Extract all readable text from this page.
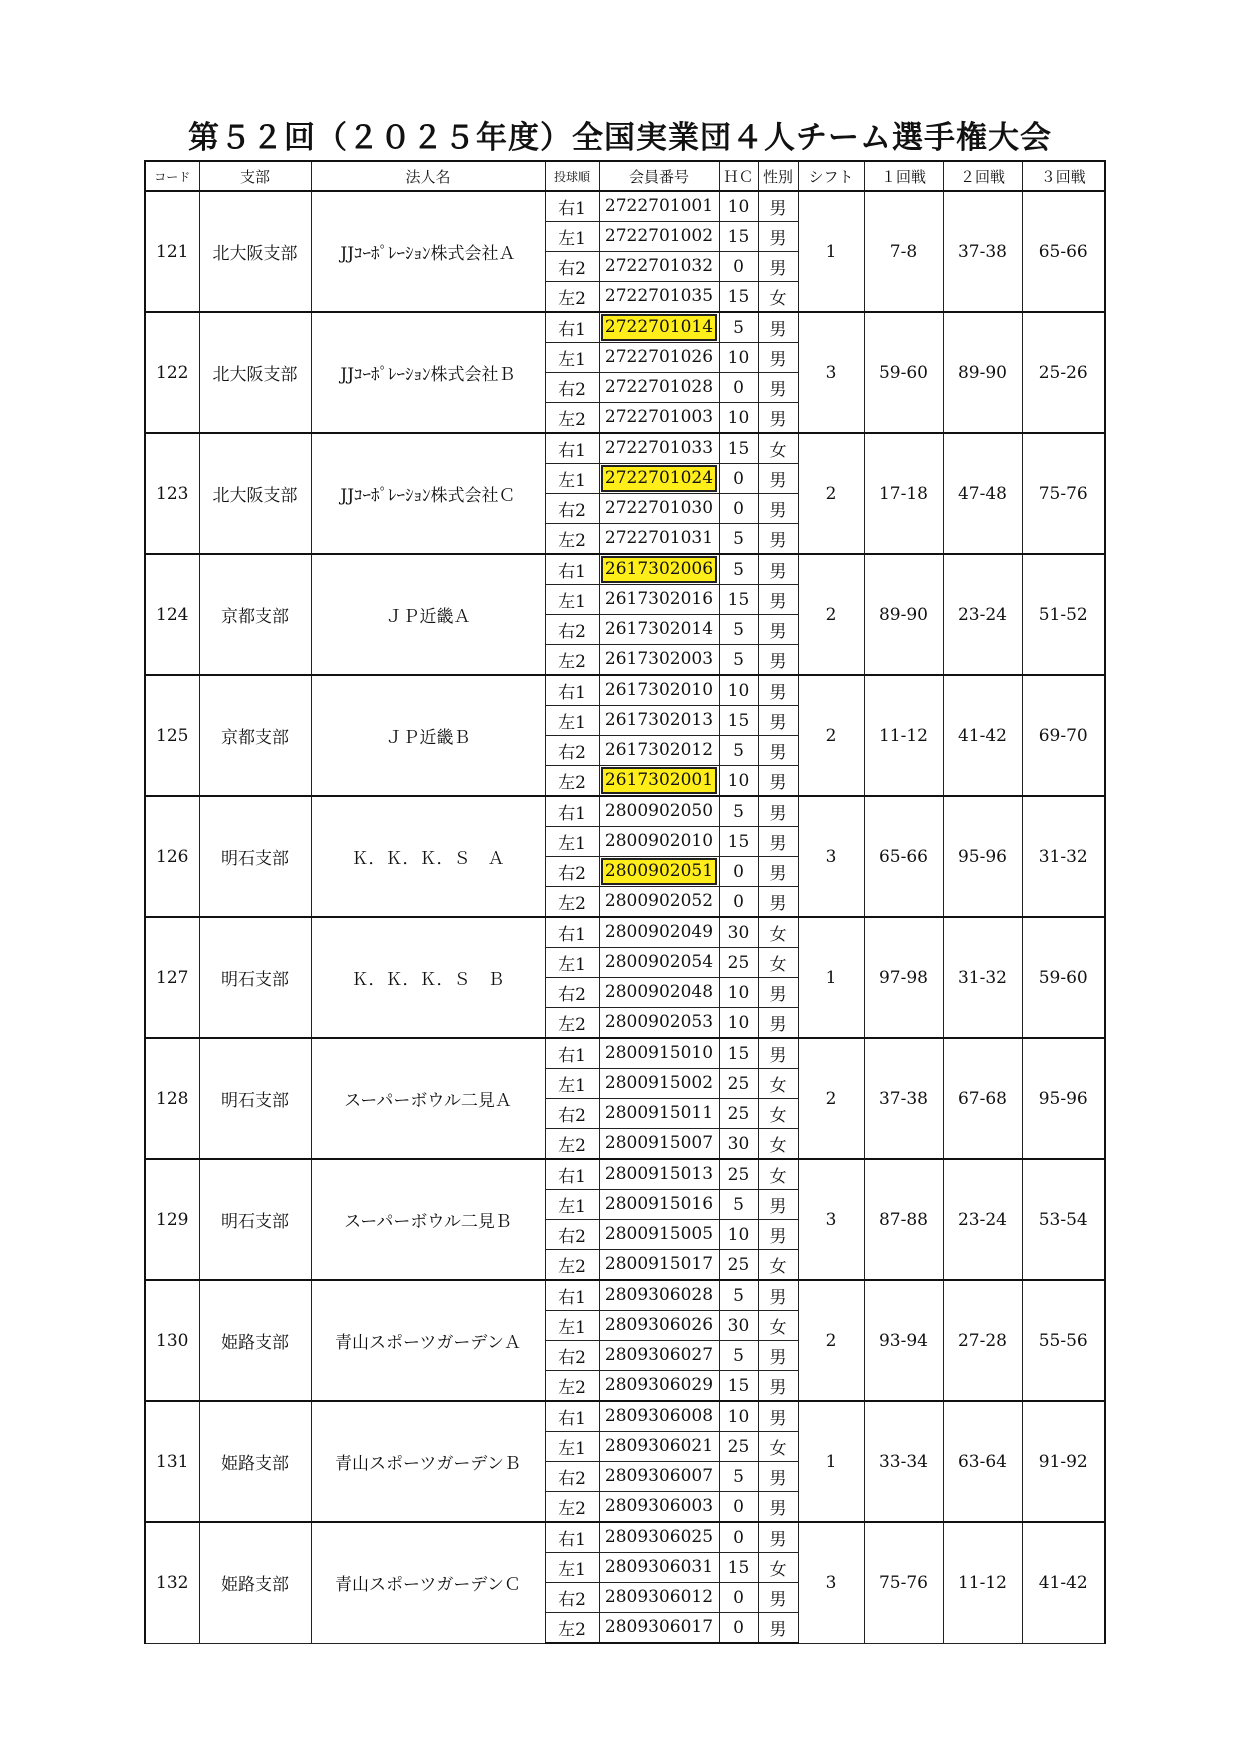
第５２回（２０２５年度）全国実業団４人チーム選手権大会
コード	支部	法人名	投球順	会員番号	ＨＣ	性別	シフト	１回戦	２回戦	３回戦
121	北大阪支部	JJｺｰﾎﾟﾚｰｼｮﾝ株式会社Ａ	右1	2722701001	10	男	1	7-8	37-38	65-66
			左1	2722701002	15	男				
			右2	2722701032	0	男				
			左2	2722701035	15	女				
122	北大阪支部	JJｺｰﾎﾟﾚｰｼｮﾝ株式会社Ｂ	右1	2722701014	5	男	3	59-60	89-90	25-26
			左1	2722701026	10	男				
			右2	2722701028	0	男				
			左2	2722701003	10	男				
123	北大阪支部	JJｺｰﾎﾟﾚｰｼｮﾝ株式会社Ｃ	右1	2722701033	15	女	2	17-18	47-48	75-76
			左1	2722701024	0	男				
			右2	2722701030	0	男				
			左2	2722701031	5	男				
124	京都支部	ＪＰ近畿Ａ	右1	2617302006	5	男	2	89-90	23-24	51-52
			左1	2617302016	15	男				
			右2	2617302014	5	男				
			左2	2617302003	5	男				
125	京都支部	ＪＰ近畿Ｂ	右1	2617302010	10	男	2	11-12	41-42	69-70
			左1	2617302013	15	男				
			右2	2617302012	5	男				
			左2	2617302001	10	男				
126	明石支部	Ｋ．Ｋ．Ｋ．Ｓ　Ａ	右1	2800902050	5	男	3	65-66	95-96	31-32
			左1	2800902010	15	男				
			右2	2800902051	0	男				
			左2	2800902052	0	男				
127	明石支部	Ｋ．Ｋ．Ｋ．Ｓ　Ｂ	右1	2800902049	30	女	1	97-98	31-32	59-60
			左1	2800902054	25	女				
			右2	2800902048	10	男				
			左2	2800902053	10	男				
128	明石支部	スーパーボウル二見Ａ	右1	2800915010	15	男	2	37-38	67-68	95-96
			左1	2800915002	25	女				
			右2	2800915011	25	女				
			左2	2800915007	30	女				
129	明石支部	スーパーボウル二見Ｂ	右1	2800915013	25	女	3	87-88	23-24	53-54
			左1	2800915016	5	男				
			右2	2800915005	10	男				
			左2	2800915017	25	女				
130	姫路支部	青山スポーツガーデンＡ	右1	2809306028	5	男	2	93-94	27-28	55-56
			左1	2809306026	30	女				
			右2	2809306027	5	男				
			左2	2809306029	15	男				
131	姫路支部	青山スポーツガーデンＢ	右1	2809306008	10	男	1	33-34	63-64	91-92
			左1	2809306021	25	女				
			右2	2809306007	5	男				
			左2	2809306003	0	男				
132	姫路支部	青山スポーツガーデンＣ	右1	2809306025	0	男	3	75-76	11-12	41-42
			左1	2809306031	15	女				
			右2	2809306012	0	男				
			左2	2809306017	0	男				
